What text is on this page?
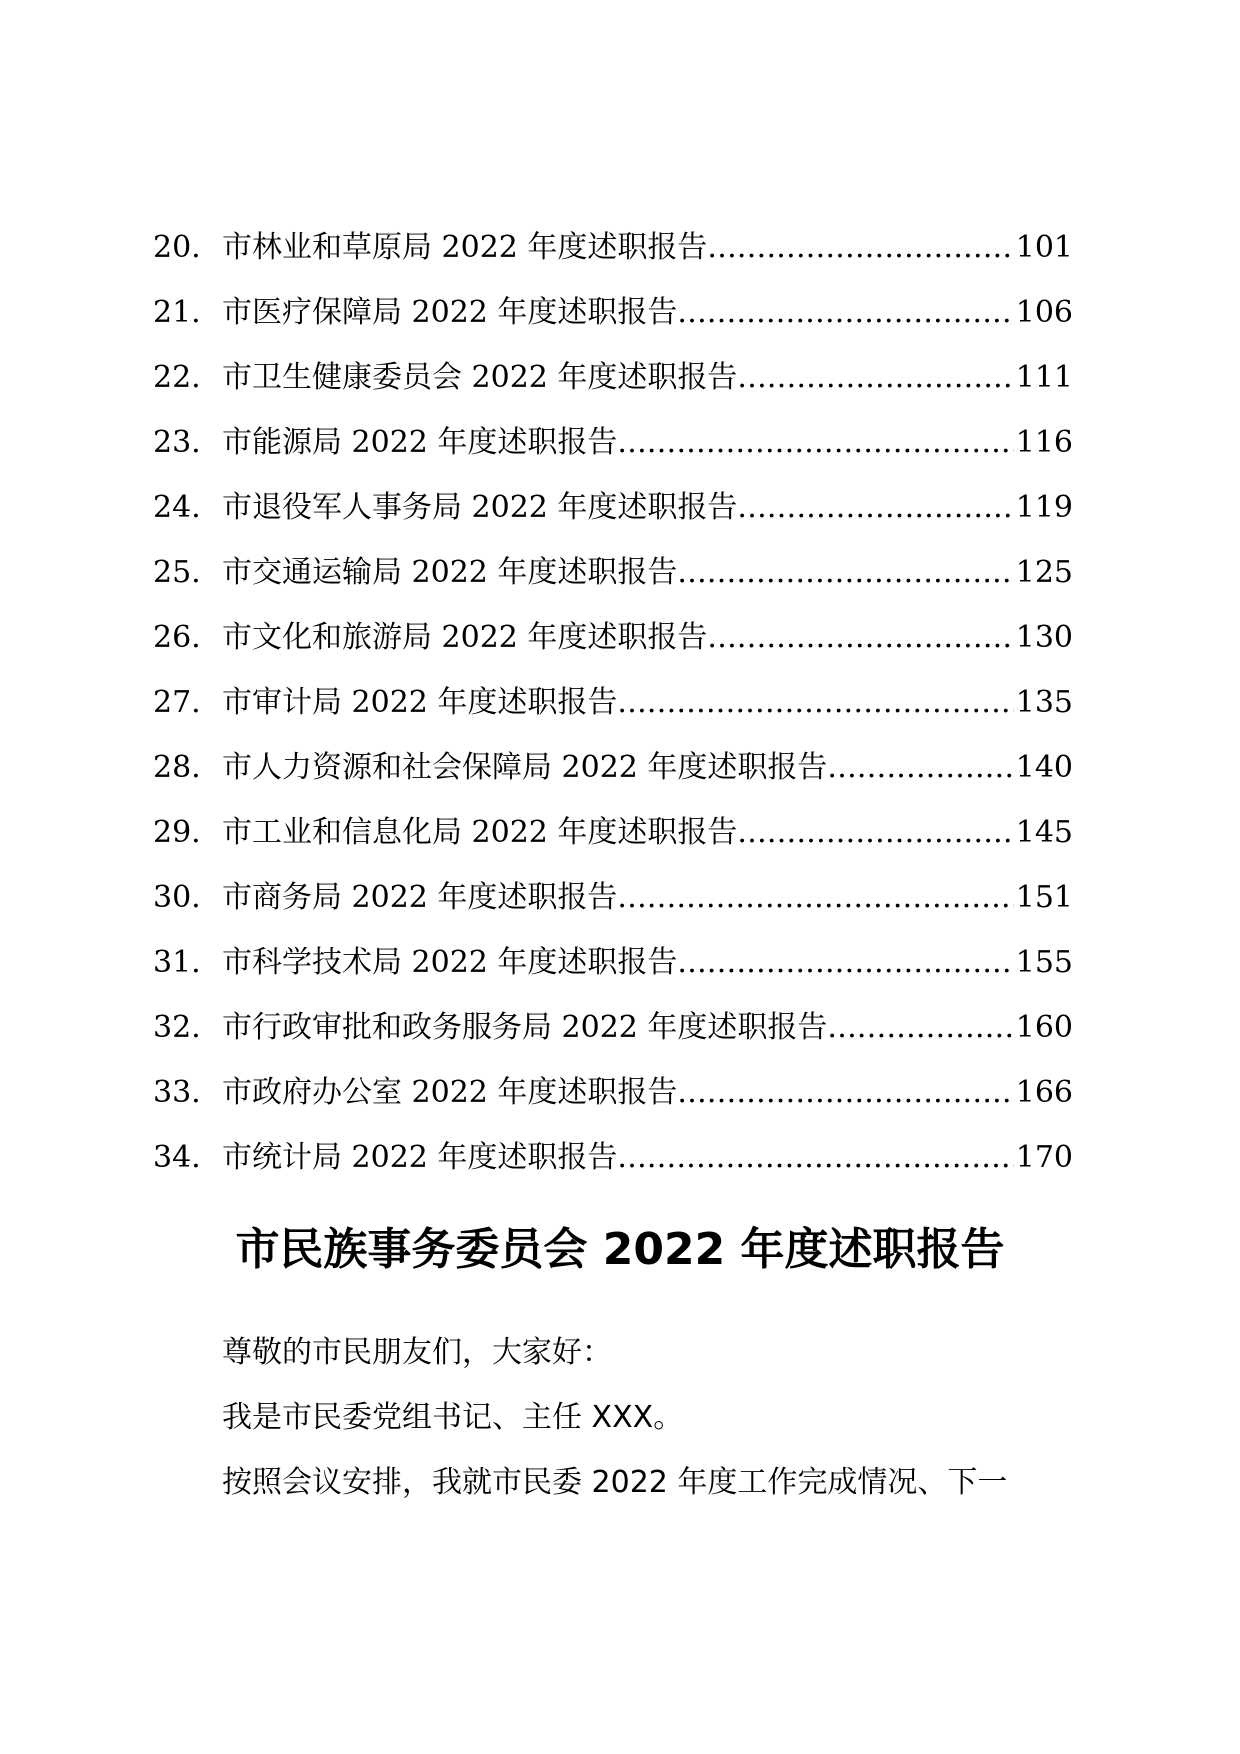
20. 市林业和草原局 2022 年度述职报告 .....	101
21. 市医疗保障局 2022 年度述职报告 .....	106
22. 市卫生健康委员会 2022 年度述职报告 .....	111
23. 市能源局 2022 年度述职报告 .....	116
24. 市退役军人事务局 2022 年度述职报告 .....	119
25. 市交通运输局 2022 年度述职报告 .....	125
26. 市文化和旅游局 2022 年度述职报告 .....	130
27. 市审计局 2022 年度述职报告 .....	135
28. 市人力资源和社会保障局 2022 年度述职报告 .....	140
29. 市工业和信息化局 2022 年度述职报告 .....	145
30. 市商务局 2022 年度述职报告 .....	151
31. 市科学技术局 2022 年度述职报告 .....	155
32. 市行政审批和政务服务局 2022 年度述职报告 .....	160
33. 市政府办公室 2022 年度述职报告 .....	166
34. 市统计局 2022 年度述职报告 .....	170
市民族事务委员会 2022 年度述职报告
尊敬的市民朋友们，大家好：
我是市民委党组书记、主任 XXX。
按照会议安排，我就市民委 2022 年度工作完成情况、下一
